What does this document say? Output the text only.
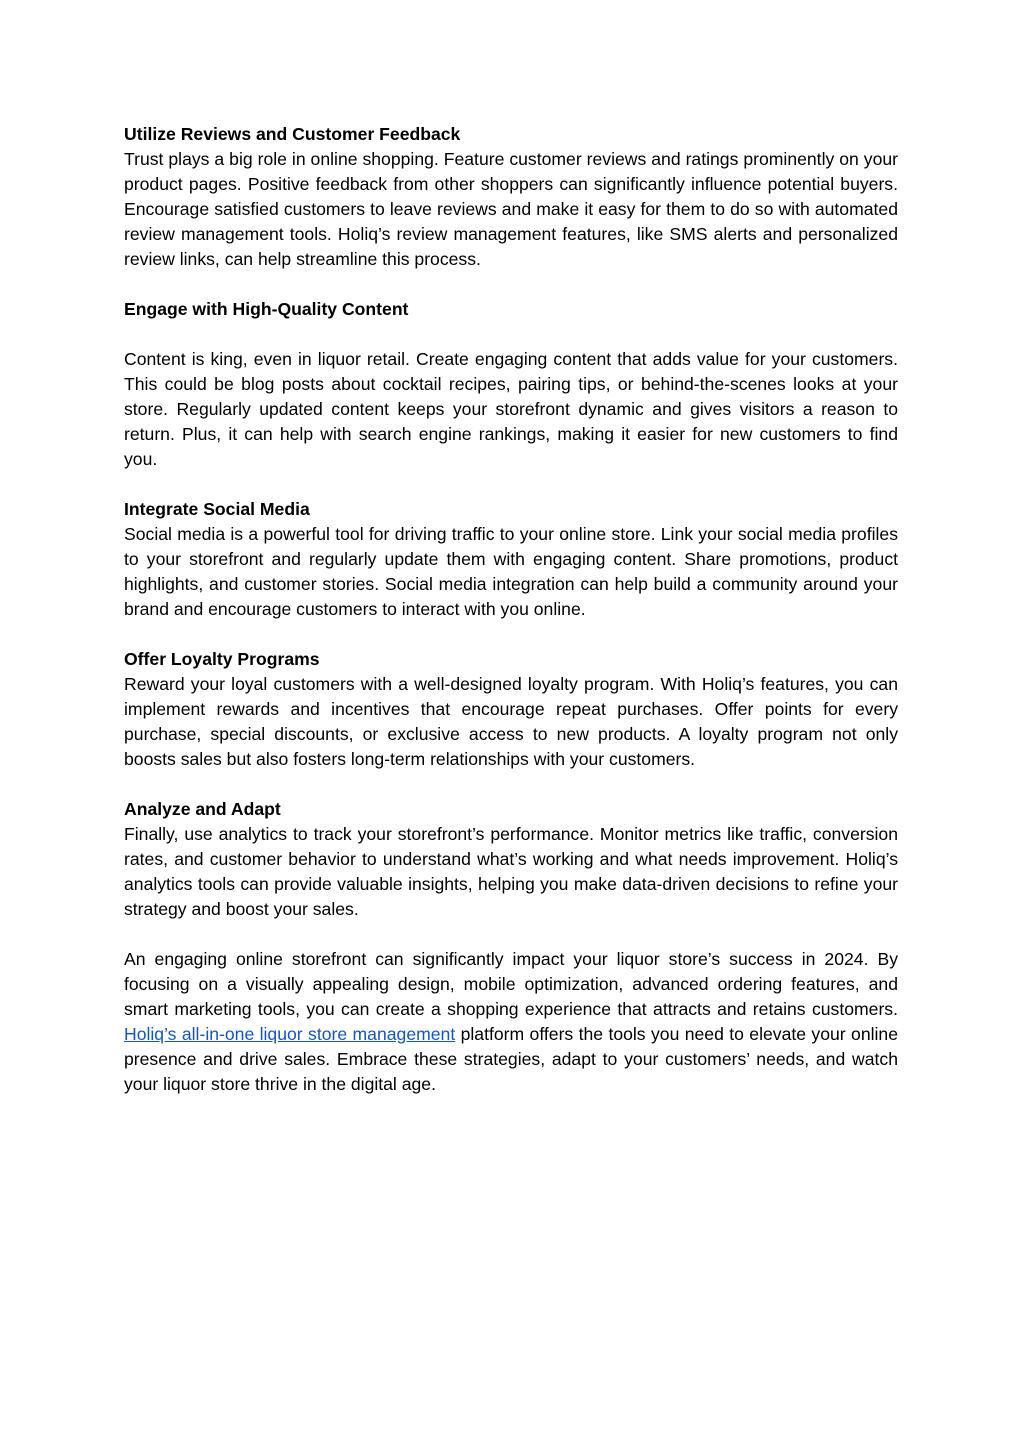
Utilize Reviews and Customer Feedback

Trust plays a big role in online shopping. Feature customer reviews and ratings prominently on your product pages. Positive feedback from other shoppers can significantly influence potential buyers. Encourage satisfied customers to leave reviews and make it easy for them to do so with automated review management tools. Holiq’s review management features, like SMS alerts and personalized review links, can help streamline this process.

Engage with High-Quality Content

Content is king, even in liquor retail. Create engaging content that adds value for your customers. This could be blog posts about cocktail recipes, pairing tips, or behind-the-scenes looks at your store. Regularly updated content keeps your storefront dynamic and gives visitors a reason to return. Plus, it can help with search engine rankings, making it easier for new customers to find you.

Integrate Social Media

Social media is a powerful tool for driving traffic to your online store. Link your social media profiles to your storefront and regularly update them with engaging content. Share promotions, product highlights, and customer stories. Social media integration can help build a community around your brand and encourage customers to interact with you online.

Offer Loyalty Programs

Reward your loyal customers with a well-designed loyalty program. With Holiq’s features, you can implement rewards and incentives that encourage repeat purchases. Offer points for every purchase, special discounts, or exclusive access to new products. A loyalty program not only boosts sales but also fosters long-term relationships with your customers.

Analyze and Adapt

Finally, use analytics to track your storefront’s performance. Monitor metrics like traffic, conversion rates, and customer behavior to understand what’s working and what needs improvement. Holiq’s analytics tools can provide valuable insights, helping you make data-driven decisions to refine your strategy and boost your sales.

An engaging online storefront can significantly impact your liquor store’s success in 2024. By focusing on a visually appealing design, mobile optimization, advanced ordering features, and smart marketing tools, you can create a shopping experience that attracts and retains customers. Holiq’s all-in-one liquor store management platform offers the tools you need to elevate your online presence and drive sales. Embrace these strategies, adapt to your customers’ needs, and watch your liquor store thrive in the digital age.
